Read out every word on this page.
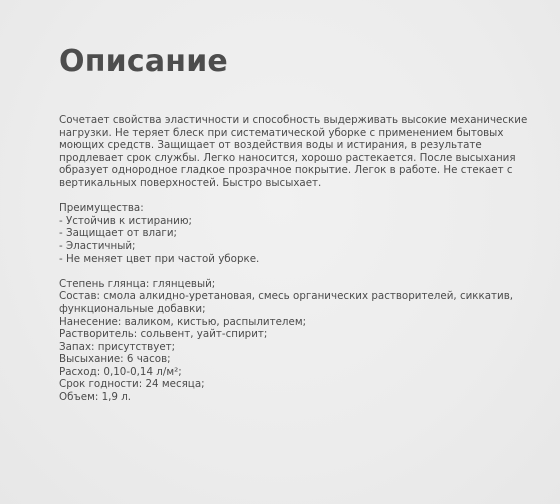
Описание

Сочетает свойства эластичности и способность выдерживать высокие механические
нагрузки. Не теряет блеск при систематической уборке с применением бытовых
моющих средств. Защищает от воздействия воды и истирания, в результате
продлевает срок службы. Легко наносится, хорошо растекается. После высыхания
образует однородное гладкое прозрачное покрытие. Легок в работе. Не стекает с
вертикальных поверхностей. Быстро высыхает.

Преимущества:
- Устойчив к истиранию;
- Защищает от влаги;
- Эластичный;
- Не меняет цвет при частой уборке.
Степень глянца: глянцевый;
Состав: смола алкидно-уретановая, смесь органических растворителей, сиккатив,
функциональные добавки;
Нанесение: валиком, кистью, распылителем;
Растворитель: сольвент, уайт-спирит;
Запах: присутствует;
Высыхание: 6 часов;
Расход: 0,10-0,14 л/м²;
Срок годности: 24 месяца;
Объем: 1,9 л.
